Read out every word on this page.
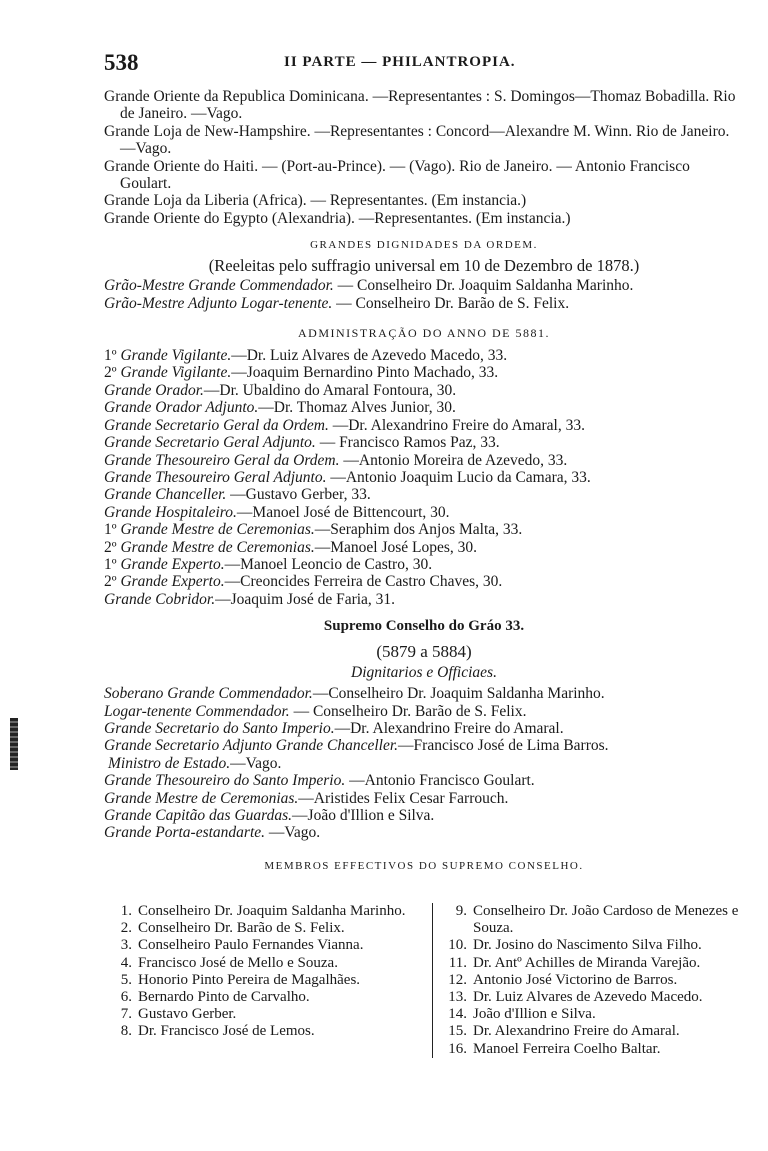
538	II PARTE — PHILANTROPIA.

Grande Oriente da Republica Dominicana. —Representantes : S. Domingos—Thomaz Bobadilla. Rio de Janeiro. —Vago.

Grande Loja de New-Hampshire. —Representantes : Concord—Alexandre M. Winn. Rio de Janeiro. —Vago.

Grande Oriente do Haiti. — (Port-au-Prince). — (Vago). Rio de Janeiro. — Antonio Francisco Goulart.

Grande Loja da Liberia (Africa). — Representantes. (Em instancia.)

Grande Oriente do Egypto (Alexandria). —Representantes. (Em instancia.)

GRANDES DIGNIDADES DA ORDEM.

(Reeleitas pelo suffragio universal em 10 de Dezembro de 1878.)

Grão-Mestre Grande Commendador. — Conselheiro Dr. Joaquim Saldanha Marinho.

Grão-Mestre Adjunto Logar-tenente. — Conselheiro Dr. Barão de S. Felix.

ADMINISTRAÇÃO DO ANNO DE 5881.

1º Grande Vigilante.—Dr. Luiz Alvares de Azevedo Macedo, 33.

2º Grande Vigilante.—Joaquim Bernardino Pinto Machado, 33.

Grande Orador.—Dr. Ubaldino do Amaral Fontoura, 30.

Grande Orador Adjunto.—Dr. Thomaz Alves Junior, 30.

Grande Secretario Geral da Ordem. —Dr. Alexandrino Freire do Amaral, 33.

Grande Secretario Geral Adjunto. — Francisco Ramos Paz, 33.

Grande Thesoureiro Geral da Ordem. —Antonio Moreira de Azevedo, 33.

Grande Thesoureiro Geral Adjunto. —Antonio Joaquim Lucio da Camara, 33.

Grande Chanceller. —Gustavo Gerber, 33.

Grande Hospitaleiro.—Manoel José de Bittencourt, 30.

1º Grande Mestre de Ceremonias.—Seraphim dos Anjos Malta, 33.

2º Grande Mestre de Ceremonias.—Manoel José Lopes, 30.

1º Grande Experto.—Manoel Leoncio de Castro, 30.

2º Grande Experto.—Creoncides Ferreira de Castro Chaves, 30.

Grande Cobridor.—Joaquim José de Faria, 31.

Supremo Conselho do Gráo 33.

(5879 a 5884)

Dignitarios e Officiaes.

Soberano Grande Commendador.—Conselheiro Dr. Joaquim Saldanha Marinho.

Logar-tenente Commendador. — Conselheiro Dr. Barão de S. Felix.

Grande Secretario do Santo Imperio.—Dr. Alexandrino Freire do Amaral.

Grande Secretario Adjunto Grande Chanceller.—Francisco José de Lima Barros.

Ministro de Estado.—Vago.

Grande Thesoureiro do Santo Imperio. —Antonio Francisco Goulart.

Grande Mestre de Ceremonias.—Aristides Felix Cesar Farrouch.

Grande Capitão das Guardas.—João d'Illion e Silva.

Grande Porta-estandarte. —Vago.

MEMBROS EFFECTIVOS DO SUPREMO CONSELHO.

1. Conselheiro Dr. Joaquim Saldanha Marinho.

2. Conselheiro Dr. Barão de S. Felix.

3. Conselheiro Paulo Fernandes Vianna.

4. Francisco José de Mello e Souza.

5. Honorio Pinto Pereira de Magalhães.

6. Bernardo Pinto de Carvalho.

7. Gustavo Gerber.

8. Dr. Francisco José de Lemos.

9. Conselheiro Dr. João Cardoso de Menezes e Souza.

10. Dr. Josino do Nascimento Silva Filho.

11. Dr. Antº Achilles de Miranda Varejão.

12. Antonio José Victorino de Barros.

13. Dr. Luiz Alvares de Azevedo Macedo.

14. João d'Illion e Silva.

15. Dr. Alexandrino Freire do Amaral.

16. Manoel Ferreira Coelho Baltar.
